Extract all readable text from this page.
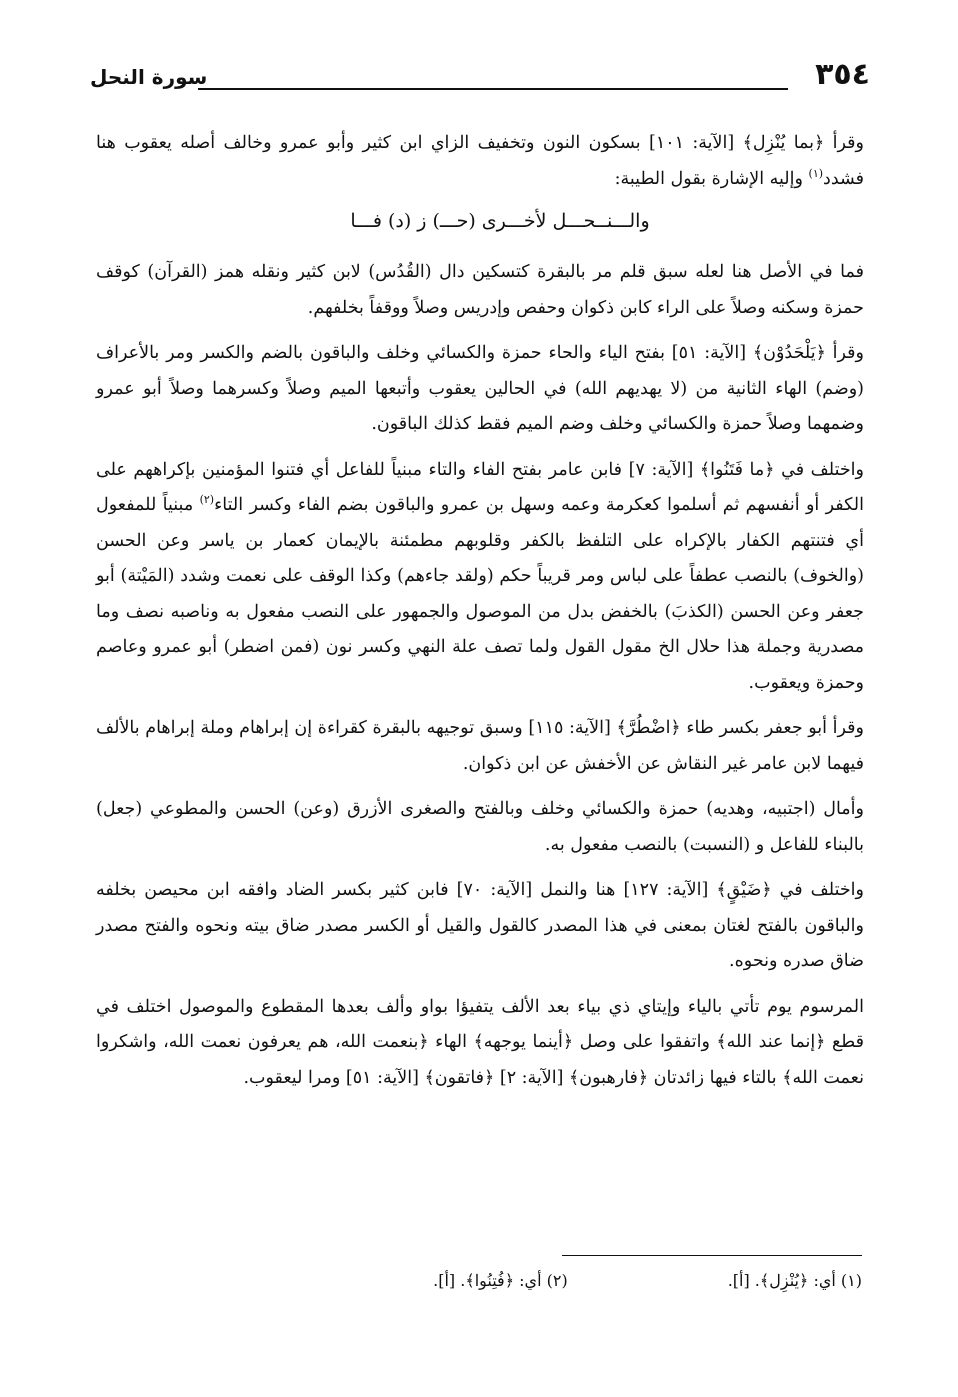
٣٥٤
سورة النحل

وقرأ ﴿بما يُنْزِل﴾ [الآية: ١٠١] بسكون النون وتخفيف الزاي ابن كثير وأبو عمرو وخالف أصله يعقوب هنا فشدد$^{(١)}$ وإليه الإشارة بقول الطيبة:

والـــنــحـــل لأخـــرى (حـــ) ز (د) فـــا

فما في الأصل هنا لعله سبق قلم مر بالبقرة كتسكين دال (القُدُس) لابن كثير ونقله همز (القرآن) كوقف حمزة وسكنه وصلاً على الراء كابن ذكوان وحفص وإدريس وصلاً ووقفاً بخلفهم.

وقرأ ﴿يَلْحَدُوْن﴾ [الآية: ٥١] بفتح الياء والحاء حمزة والكسائي وخلف والباقون بالضم والكسر ومر بالأعراف (وضم) الهاء الثانية من (لا يهديهم الله) في الحالين يعقوب وأتبعها الميم وصلاً وكسرهما وصلاً أبو عمرو وضمهما وصلاً حمزة والكسائي وخلف وضم الميم فقط كذلك الباقون.

واختلف في ﴿ما فَتَنُوا﴾ [الآية: ٧] فابن عامر بفتح الفاء والتاء مبنياً للفاعل أي فتنوا المؤمنين بإكراههم على الكفر أو أنفسهم ثم أسلموا كعكرمة وعمه وسهل بن عمرو والباقون بضم الفاء وكسر التاء$^{(٢)}$ مبنياً للمفعول أي فتنتهم الكفار بالإكراه على التلفظ بالكفر وقلوبهم مطمئنة بالإيمان كعمار بن ياسر وعن الحسن (والخوف) بالنصب عطفاً على لباس ومر قريباً حكم (ولقد جاءهم) وكذا الوقف على نعمت وشدد (المَيْتة) أبو جعفر وعن الحسن (الكذبَ) بالخفض بدل من الموصول والجمهور على النصب مفعول به وناصبه نصف وما مصدرية وجملة هذا حلال الخ مقول القول ولما تصف علة النهي وكسر نون (فمن اضطر) أبو عمرو وعاصم وحمزة ويعقوب.

وقرأ أبو جعفر بكسر طاء ﴿اضْطُرَّ﴾ [الآية: ١١٥] وسبق توجيهه بالبقرة كقراءة إن إبراهام وملة إبراهام بالألف فيهما لابن عامر غير النقاش عن الأخفش عن ابن ذكوان.

وأمال (اجتبيه، وهديه) حمزة والكسائي وخلف وبالفتح والصغرى الأزرق (وعن) الحسن والمطوعي (جعل) بالبناء للفاعل و (النسبت) بالنصب مفعول به.

واختلف في ﴿ضَيْقٍ﴾ [الآية: ١٢٧] هنا والنمل [الآية: ٧٠] فابن كثير بكسر الضاد وافقه ابن محيصن بخلفه والباقون بالفتح لغتان بمعنى في هذا المصدر كالقول والقيل أو الكسر مصدر ضاق بيته ونحوه والفتح مصدر ضاق صدره ونحوه.

المرسوم يوم تأتي بالياء وإيتاي ذي بياء بعد الألف يتفيؤا بواو وألف بعدها المقطوع والموصول اختلف في قطع ﴿إنما عند الله﴾ واتفقوا على وصل ﴿أينما يوجهه﴾ الهاء ﴿بنعمت الله، هم يعرفون نعمت الله، واشكروا نعمت الله﴾ بالتاء فيها زائدتان ﴿فارهبون﴾ [الآية: ٢] ﴿فاتقون﴾ [الآية: ٥١] ومرا ليعقوب.

(١) أي: ﴿يُنْزِل﴾. [أ].
(٢) أي: ﴿فُتِنُوا﴾. [أ].
